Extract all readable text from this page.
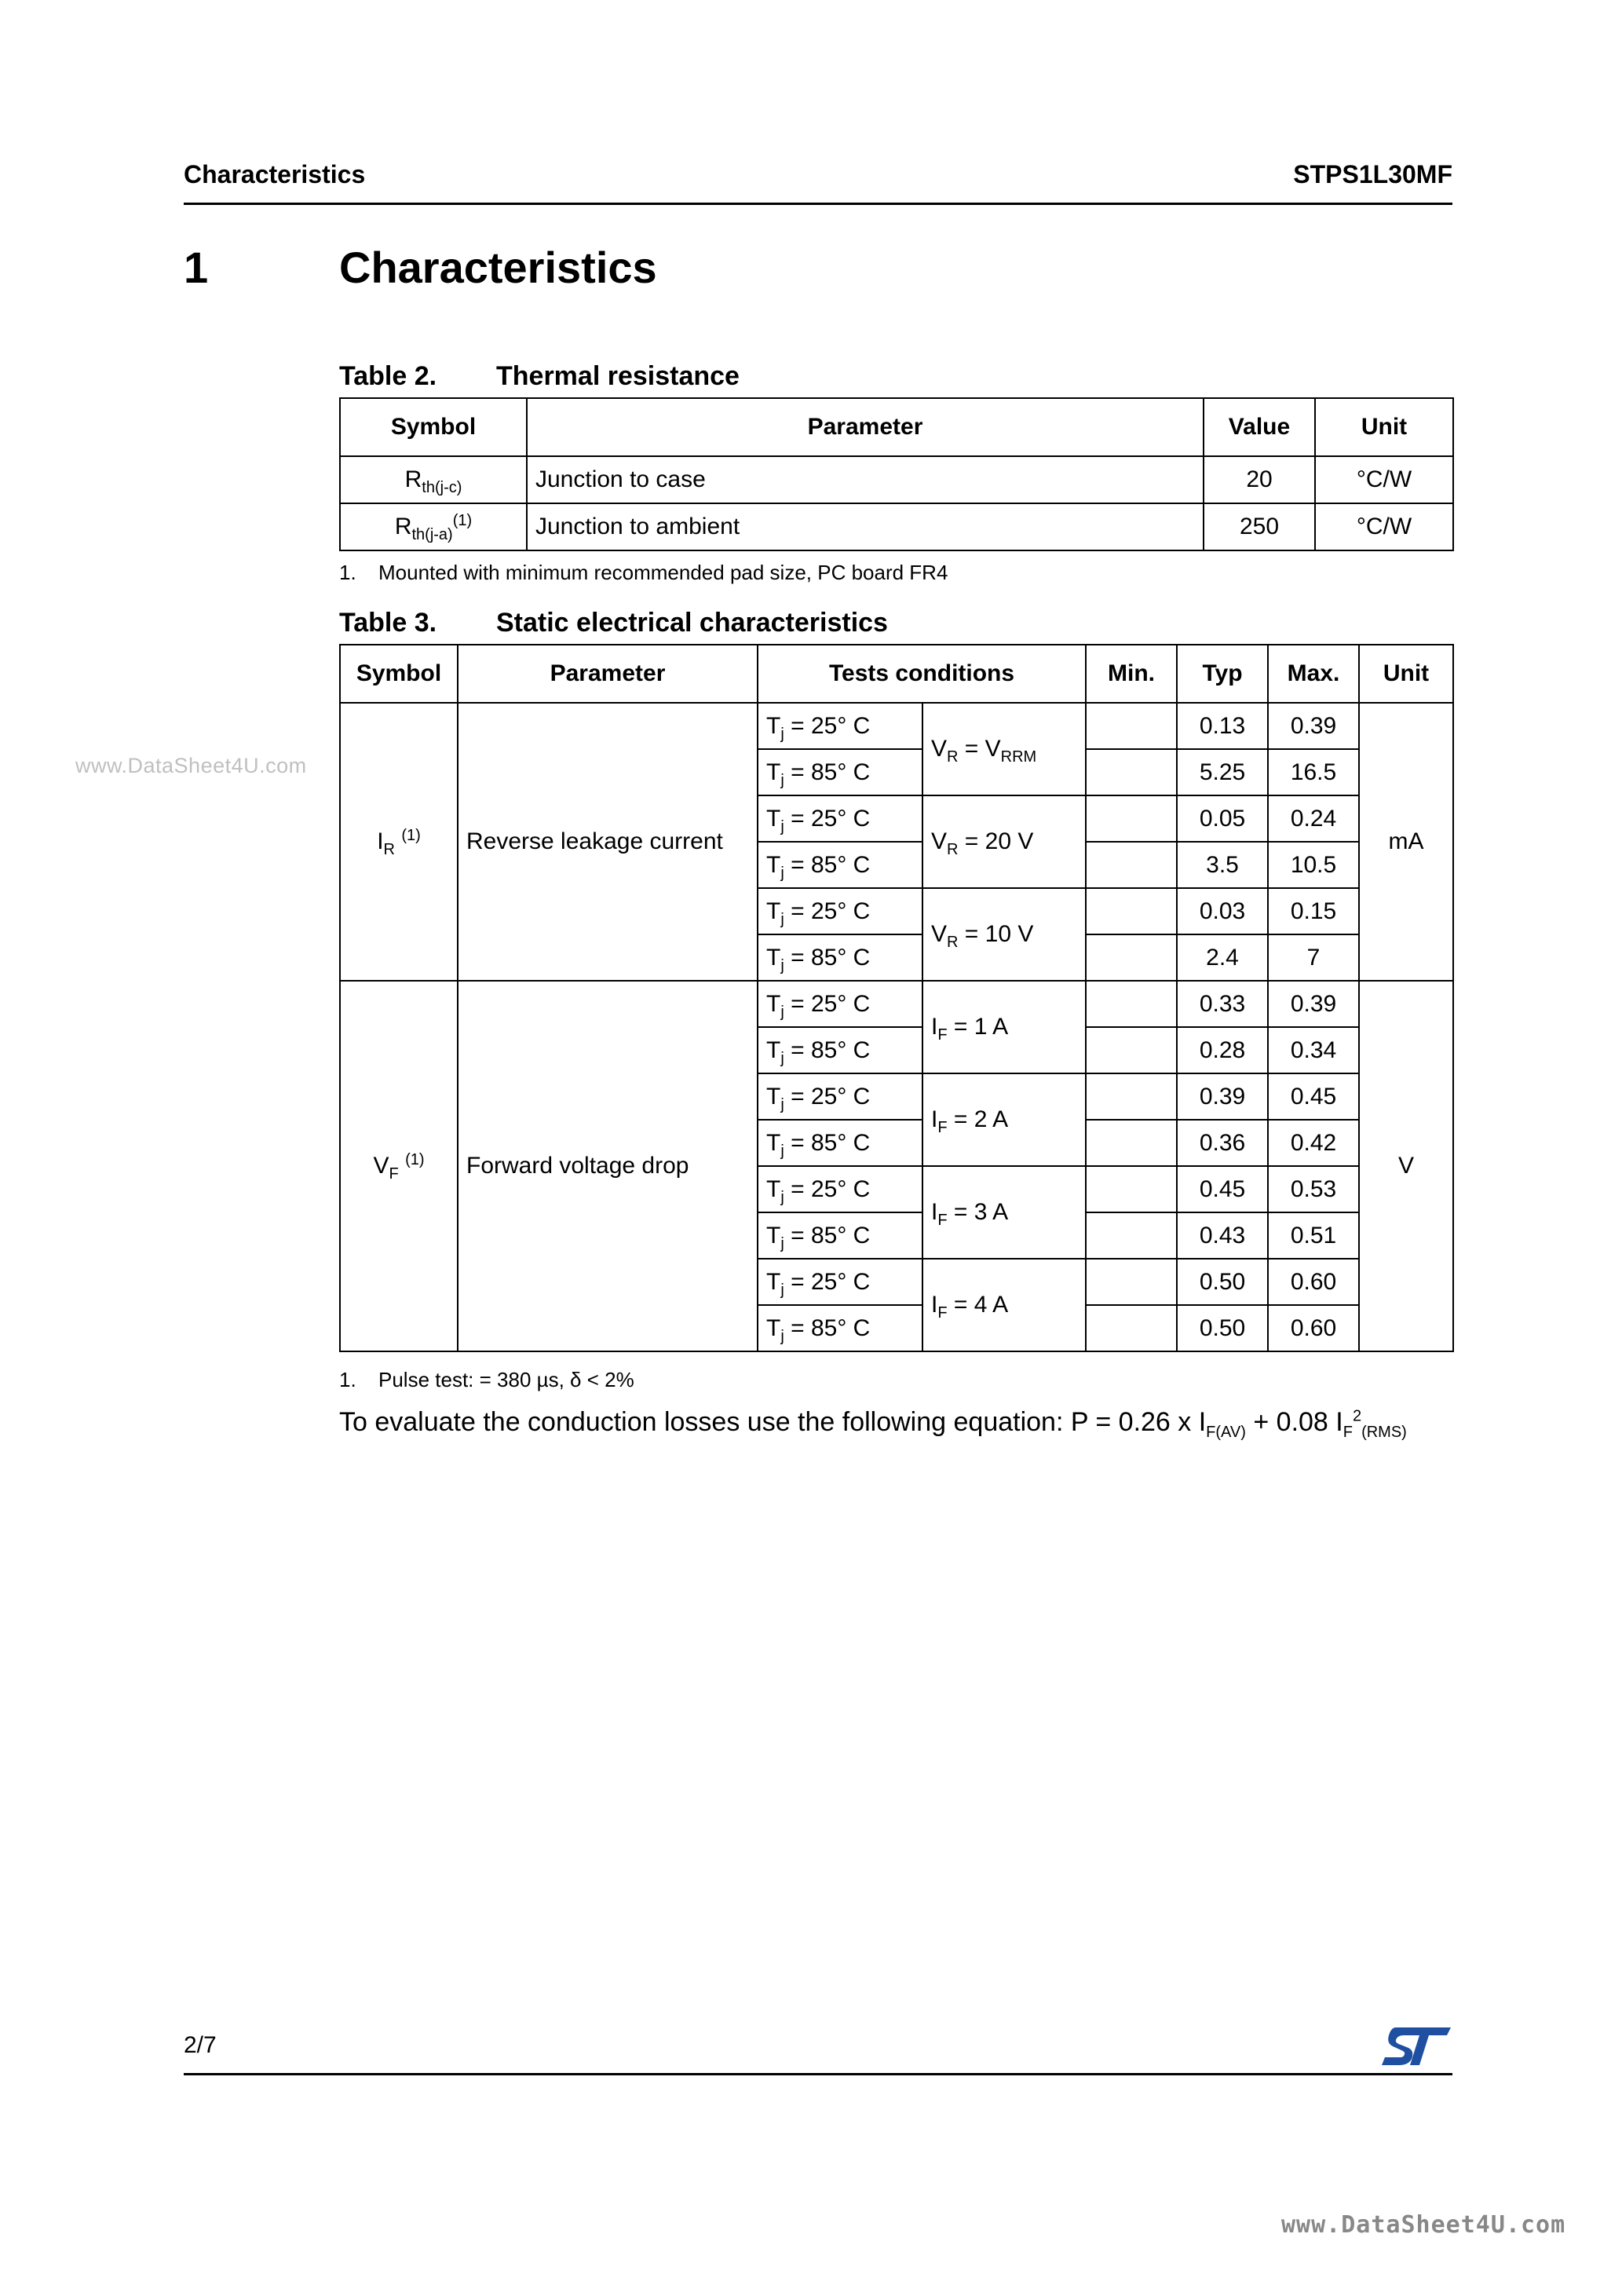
Characteristics	STPS1L30MF
1	Characteristics
www.DataSheet4U.com
Table 2. Thermal resistance
Symbol	Parameter	Value	Unit
$R_{th(j-c)}$	Junction to case	20	°C/W
$R_{th(j-a)}^{(1)}$	Junction to ambient	250	°C/W
1. Mounted with minimum recommended pad size, PC board FR4
Table 3. Static electrical characteristics
Symbol	Parameter	Tests conditions		Min.	Typ	Max.	Unit
$I_R$ $^{(1)}$	Reverse leakage current	$T_j = 25^\circ$ C	$V_R = V_{RRM}$		0.13	0.39	mA
		$T_j = 85^\circ$ C			5.25	16.5	
		$T_j = 25^\circ$ C	$V_R = 20$ V		0.05	0.24	
		$T_j = 85^\circ$ C			3.5	10.5	
		$T_j = 25^\circ$ C	$V_R = 10$ V		0.03	0.15	
		$T_j = 85^\circ$ C			2.4	7	
$V_F$ $^{(1)}$	Forward voltage drop	$T_j = 25^\circ$ C	$I_F = 1$ A		0.33	0.39	V
		$T_j = 85^\circ$ C			0.28	0.34	
		$T_j = 25^\circ$ C	$I_F = 2$ A		0.39	0.45	
		$T_j = 85^\circ$ C			0.36	0.42	
		$T_j = 25^\circ$ C	$I_F = 3$ A		0.45	0.53	
		$T_j = 85^\circ$ C			0.43	0.51	
		$T_j = 25^\circ$ C	$I_F = 4$ A		0.50	0.60	
		$T_j = 85^\circ$ C			0.50	0.60	
1. Pulse test: = 380 µs, δ < 2%
To evaluate the conduction losses use the following equation: P = 0.26 x $I_{F(AV)} + 0.08$ $I_F^2_{(RMS)}$
2/7
www.DataSheet4U.com
